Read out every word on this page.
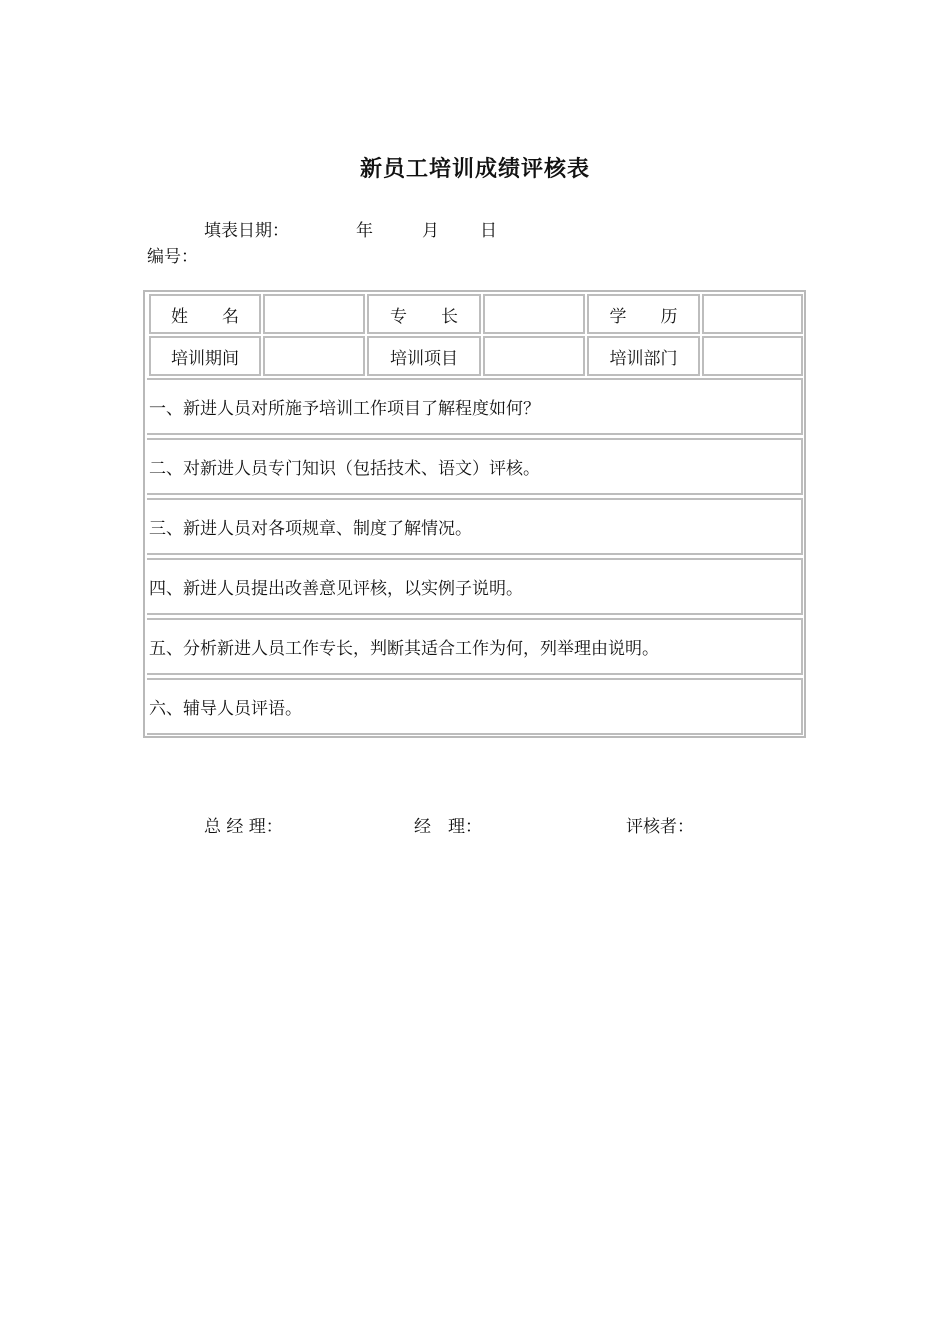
新员工培训成绩评核表
填表日期：	年	月 日
编号：
姓　　名	专　　长	学　　历
培训期间	培训项目	培训部门
一、新进人员对所施予培训工作项目了解程度如何？
二、对新进人员专门知识（包括技术、语文）评核。
三、新进人员对各项规章、制度了解情况。
四、新进人员提出改善意见评核，以实例子说明。
五、分析新进人员工作专长，判断其适合工作为何，列举理由说明。
六、辅导人员评语。
总 经 理：	经　理：	评核者：
